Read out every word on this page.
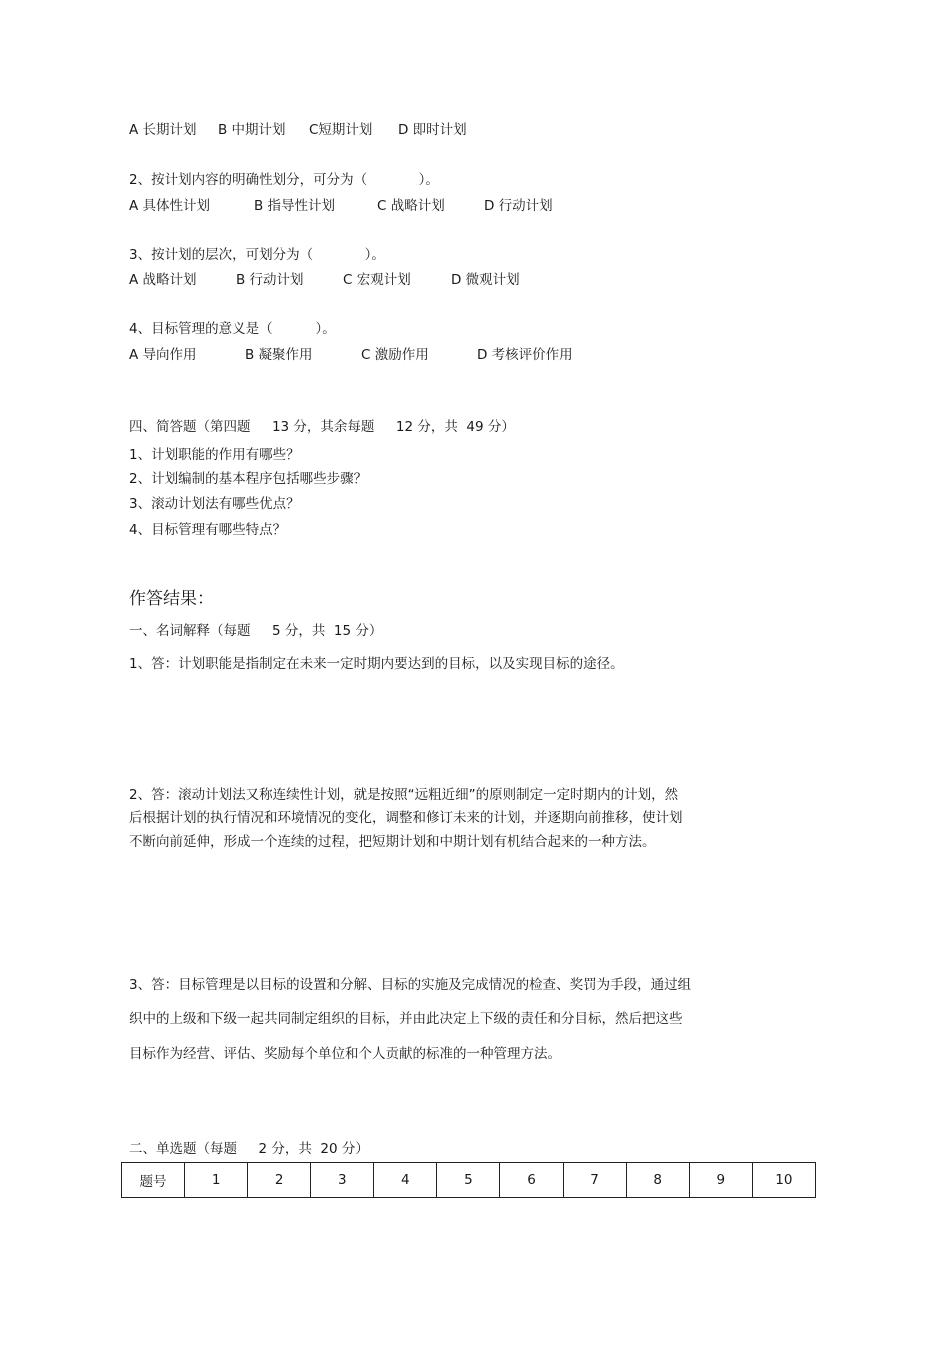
A 长期计划 B 中期计划 C短期计划 D 即时计划
2、按计划内容的明确性划分，可分为（            ）。
A 具体性计划	B 指导性计划	C 战略计划	D 行动计划
3、按计划的层次，可划分为（            ）。
A 战略计划	B 行动计划	C 宏观计划	D 微观计划
4、目标管理的意义是（          ）。
A 导向作用	B 凝聚作用	C 激励作用	D 考核评价作用
四、简答题（第四题     13 分，其余每题     12 分，共  49 分）
1、计划职能的作用有哪些？
2、计划编制的基本程序包括哪些步骤？
3、滚动计划法有哪些优点？
4、目标管理有哪些特点？
作答结果：
一、名词解释（每题     5 分，共  15 分）
1、答：计划职能是指制定在未来一定时期内要达到的目标，以及实现目标的途径。
2、答：滚动计划法又称连续性计划，就是按照“远粗近细”的原则制定一定时期内的计划，然
后根据计划的执行情况和环境情况的变化，调整和修订未来的计划，并逐期向前推移，使计划
不断向前延伸，形成一个连续的过程，把短期计划和中期计划有机结合起来的一种方法。
3、答：目标管理是以目标的设置和分解、目标的实施及完成情况的检查、奖罚为手段，通过组
织中的上级和下级一起共同制定组织的目标，并由此决定上下级的责任和分目标，然后把这些
目标作为经营、评估、奖励每个单位和个人贡献的标准的一种管理方法。
二、单选题（每题     2 分，共  20 分）
题号	1	2	3	4	5	6	7	8	9	10
